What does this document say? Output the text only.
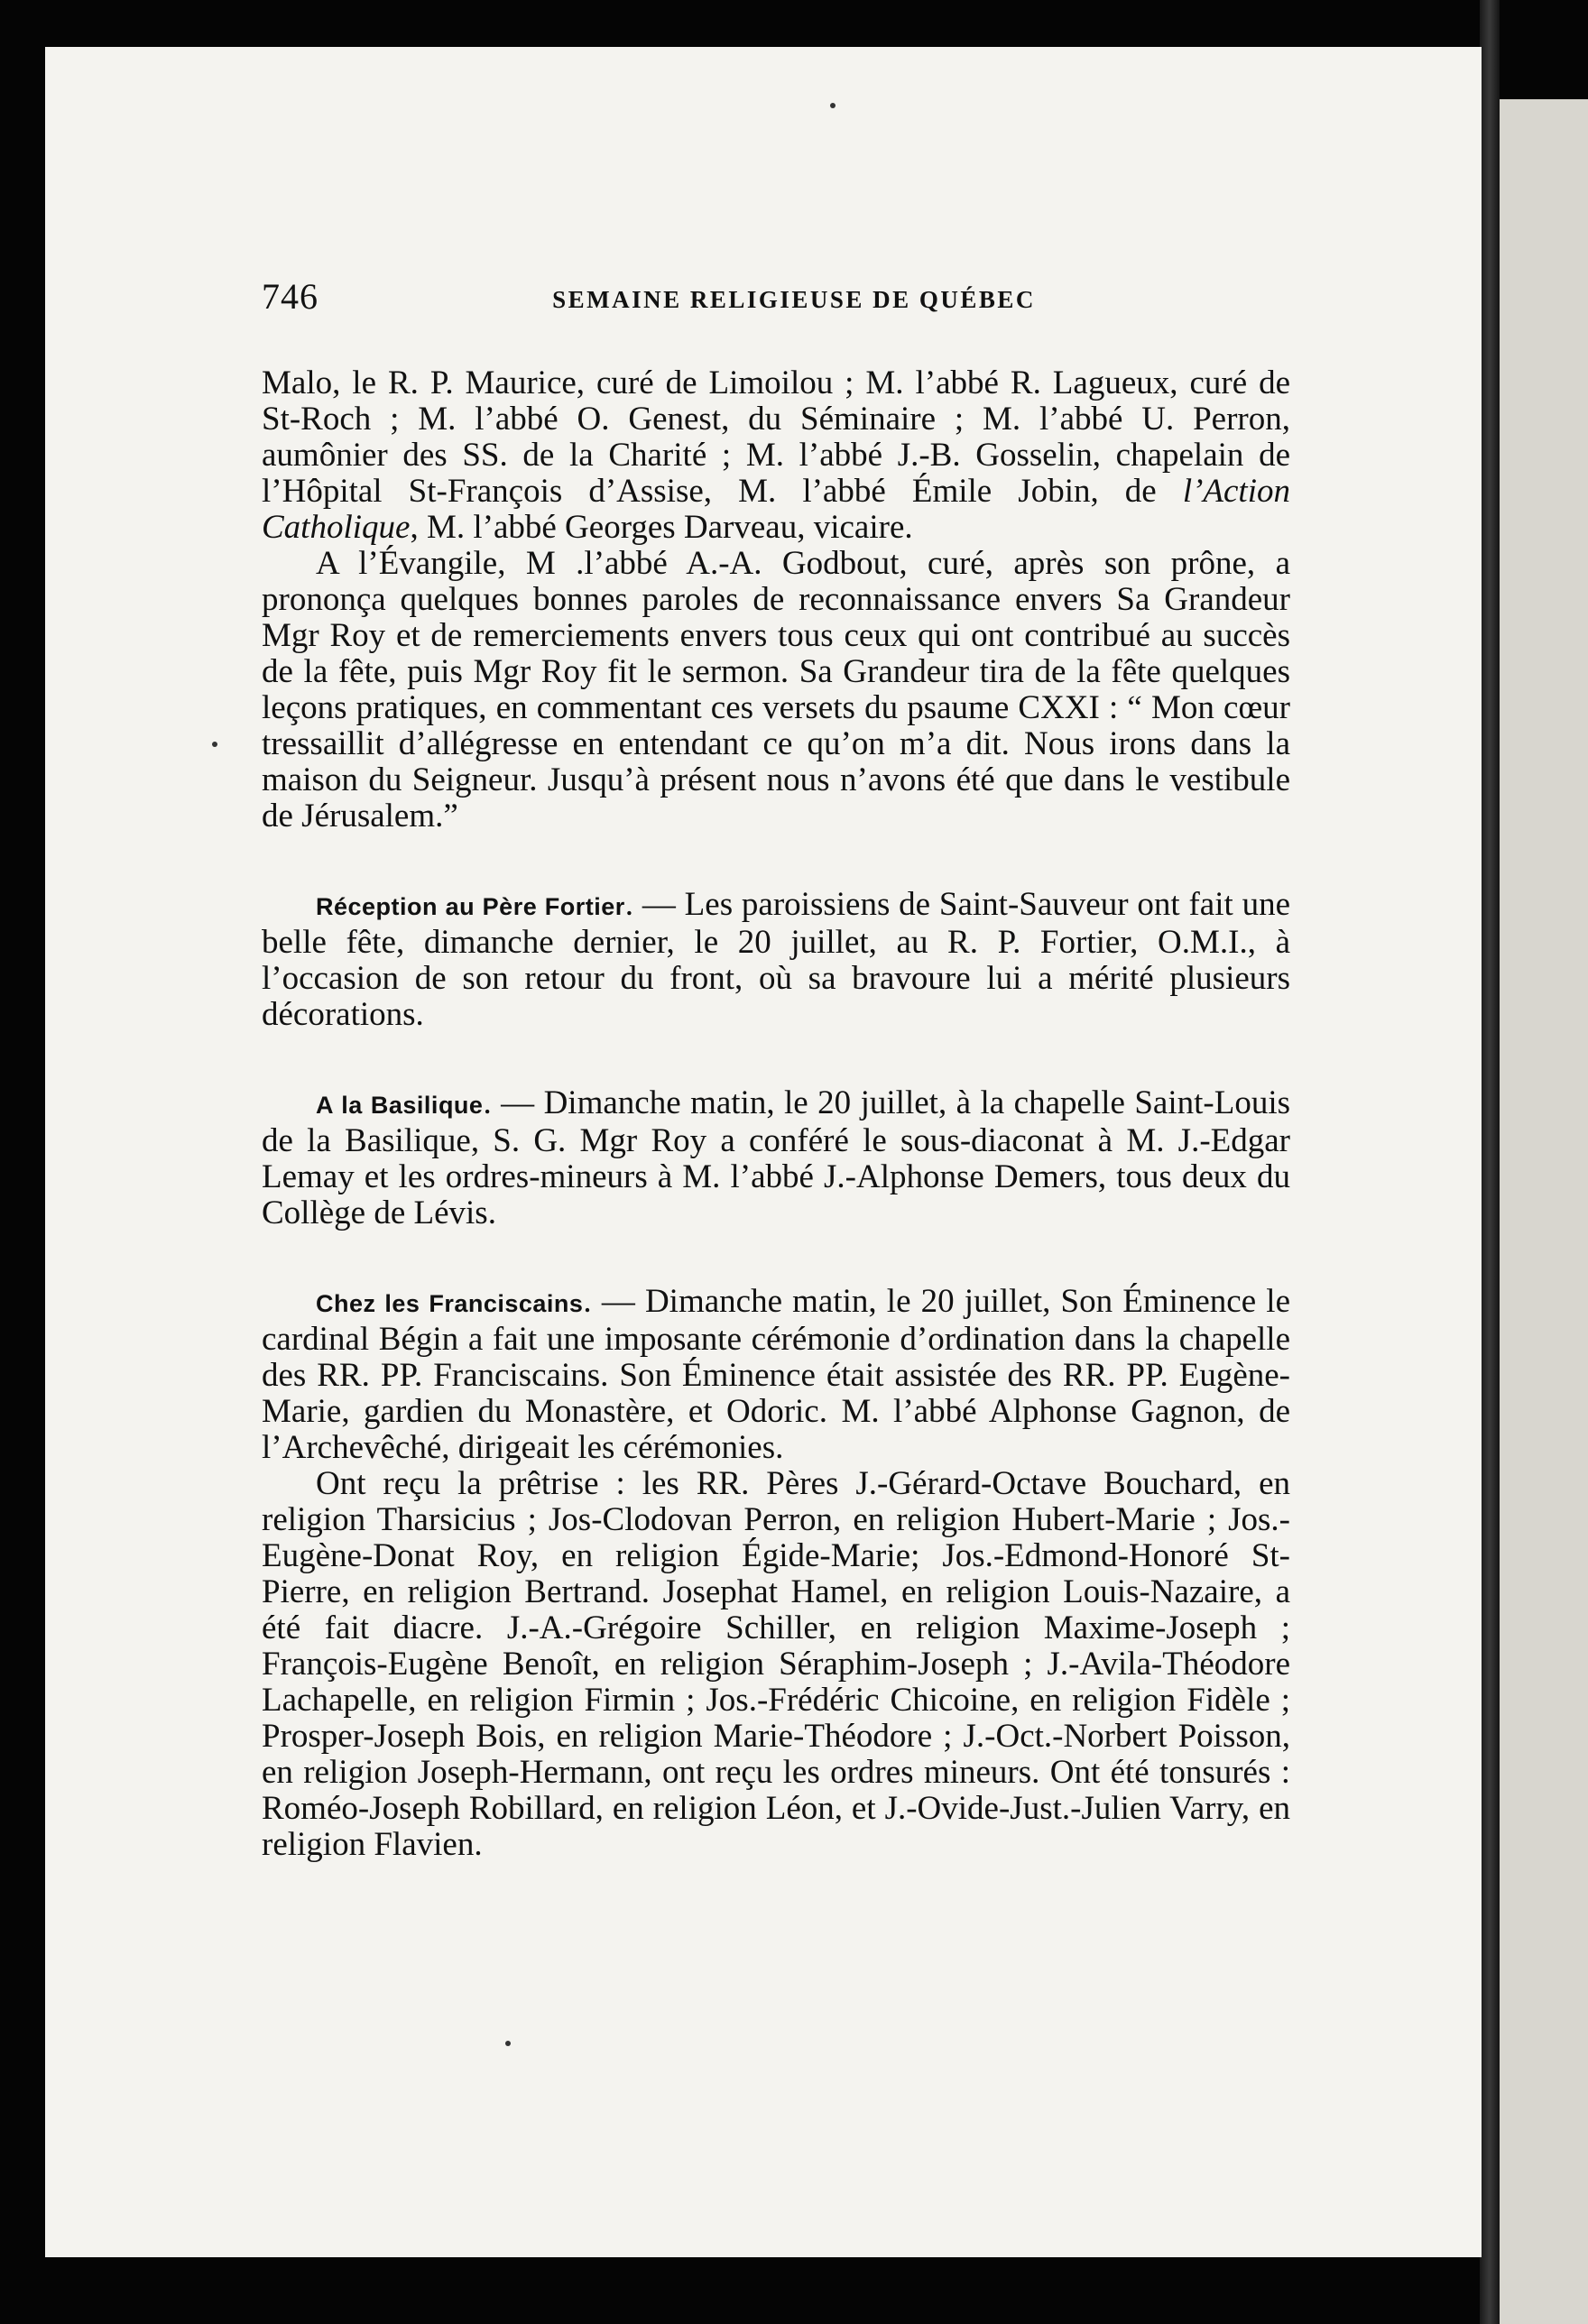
746	SEMAINE RELIGIEUSE DE QUÉBEC

Malo, le R. P. Maurice, curé de Limoilou ; M. l’abbé R. Lagueux, curé de St-Roch ; M. l’abbé O. Genest, du Séminaire ; M. l’abbé U. Perron, aumônier des SS. de la Charité ; M. l’abbé J.-B. Gosselin, chapelain de l’Hôpital St-François d’Assise, M. l’abbé Émile Jobin, de l’Action Catholique, M. l’abbé Georges Darveau, vicaire.

A l’Évangile, M .l’abbé A.-A. Godbout, curé, après son prône, a prononça quelques bonnes paroles de reconnaissance envers Sa Grandeur Mgr Roy et de remerciements envers tous ceux qui ont contribué au succès de la fête, puis Mgr Roy fit le sermon. Sa Grandeur tira de la fête quelques leçons pratiques, en commentant ces versets du psaume CXXI : “ Mon cœur tressaillit d’allégresse en entendant ce qu’on m’a dit. Nous irons dans la maison du Seigneur. Jusqu’à présent nous n’avons été que dans le vestibule de Jérusalem.”

Réception au Père Fortier. — Les paroissiens de Saint-Sauveur ont fait une belle fête, dimanche dernier, le 20 juillet, au R. P. Fortier, O.M.I., à l’occasion de son retour du front, où sa bravoure lui a mérité plusieurs décorations.

A la Basilique. — Dimanche matin, le 20 juillet, à la chapelle Saint-Louis de la Basilique, S. G. Mgr Roy a conféré le sous-diaconat à M. J.-Edgar Lemay et les ordres-mineurs à M. l’abbé J.-Alphonse Demers, tous deux du Collège de Lévis.

Chez les Franciscains. — Dimanche matin, le 20 juillet, Son Éminence le cardinal Bégin a fait une imposante cérémonie d’ordination dans la chapelle des RR. PP. Franciscains. Son Éminence était assistée des RR. PP. Eugène-Marie, gardien du Monastère, et Odoric. M. l’abbé Alphonse Gagnon, de l’Archevêché, dirigeait les cérémonies.

Ont reçu la prêtrise : les RR. Pères J.-Gérard-Octave Bouchard, en religion Tharsicius ; Jos-Clodovan Perron, en religion Hubert-Marie ; Jos.-Eugène-Donat Roy, en religion Égide-Marie; Jos.-Edmond-Honoré St-Pierre, en religion Bertrand. Josephat Hamel, en religion Louis-Nazaire, a été fait diacre. J.-A.-Grégoire Schiller, en religion Maxime-Joseph ; François-Eugène Benoît, en religion Séraphim-Joseph ; J.-Avila-Théodore Lachapelle, en religion Firmin ; Jos.-Frédéric Chicoine, en religion Fidèle ; Prosper-Joseph Bois, en religion Marie-Théodore ; J.-Oct.-Norbert Poisson, en religion Joseph-Hermann, ont reçu les ordres mineurs. Ont été tonsurés : Roméo-Joseph Robillard, en religion Léon, et J.-Ovide-Just.-Julien Varry, en religion Flavien.
